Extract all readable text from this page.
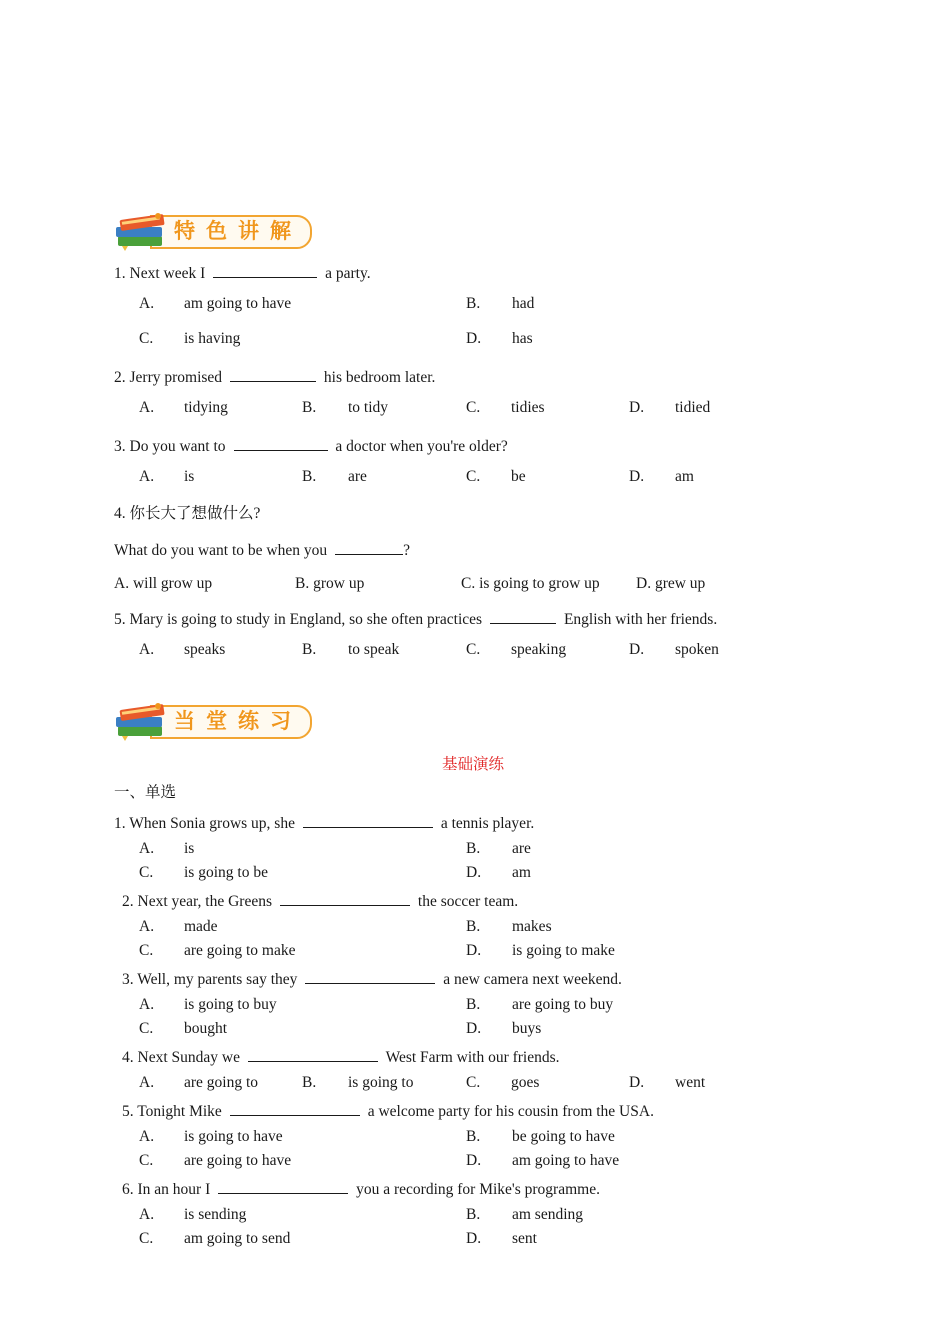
特色讲解
1. Next week I	a party.
A. am going to have	B. had
C. is having	D. has
2. Jerry promised	his bedroom later.
A. tidying	B. to tidy	C. tidies	D. tidied
3. Do you want to	a doctor when you're older?
A. is	B. are	C. be	D. am
4. 你长大了想做什么?
What do you want to be when you	?
A. will grow up	B. grow up	C. is going to grow up D. grew up
5. Mary is going to study in England, so she often practices	English with her friends.
A. speaks	B. to speak	C. speaking	D. spoken
当堂练习
基础演练
一、单选
1. When Sonia grows up, she	a tennis player.
A. is	B. are
C. is going to be	D. am
2. Next year, the Greens	the soccer team.
A. made	B. makes
C. are going to make	D. is going to make
3. Well, my parents say they	a new camera next weekend.
A. is going to buy	B. are going to buy
C. bought	D. buys
4. Next Sunday we	West Farm with our friends.
A. are going to	B. is going to	C. goes	D. went
5. Tonight Mike	a welcome party for his cousin from the USA.
A. is going to have	B. be going to have
C. are going to have	D. am going to have
6. In an hour I	you a recording for Mike's programme.
A. is sending	B. am sending
C. am going to send	D. sent
